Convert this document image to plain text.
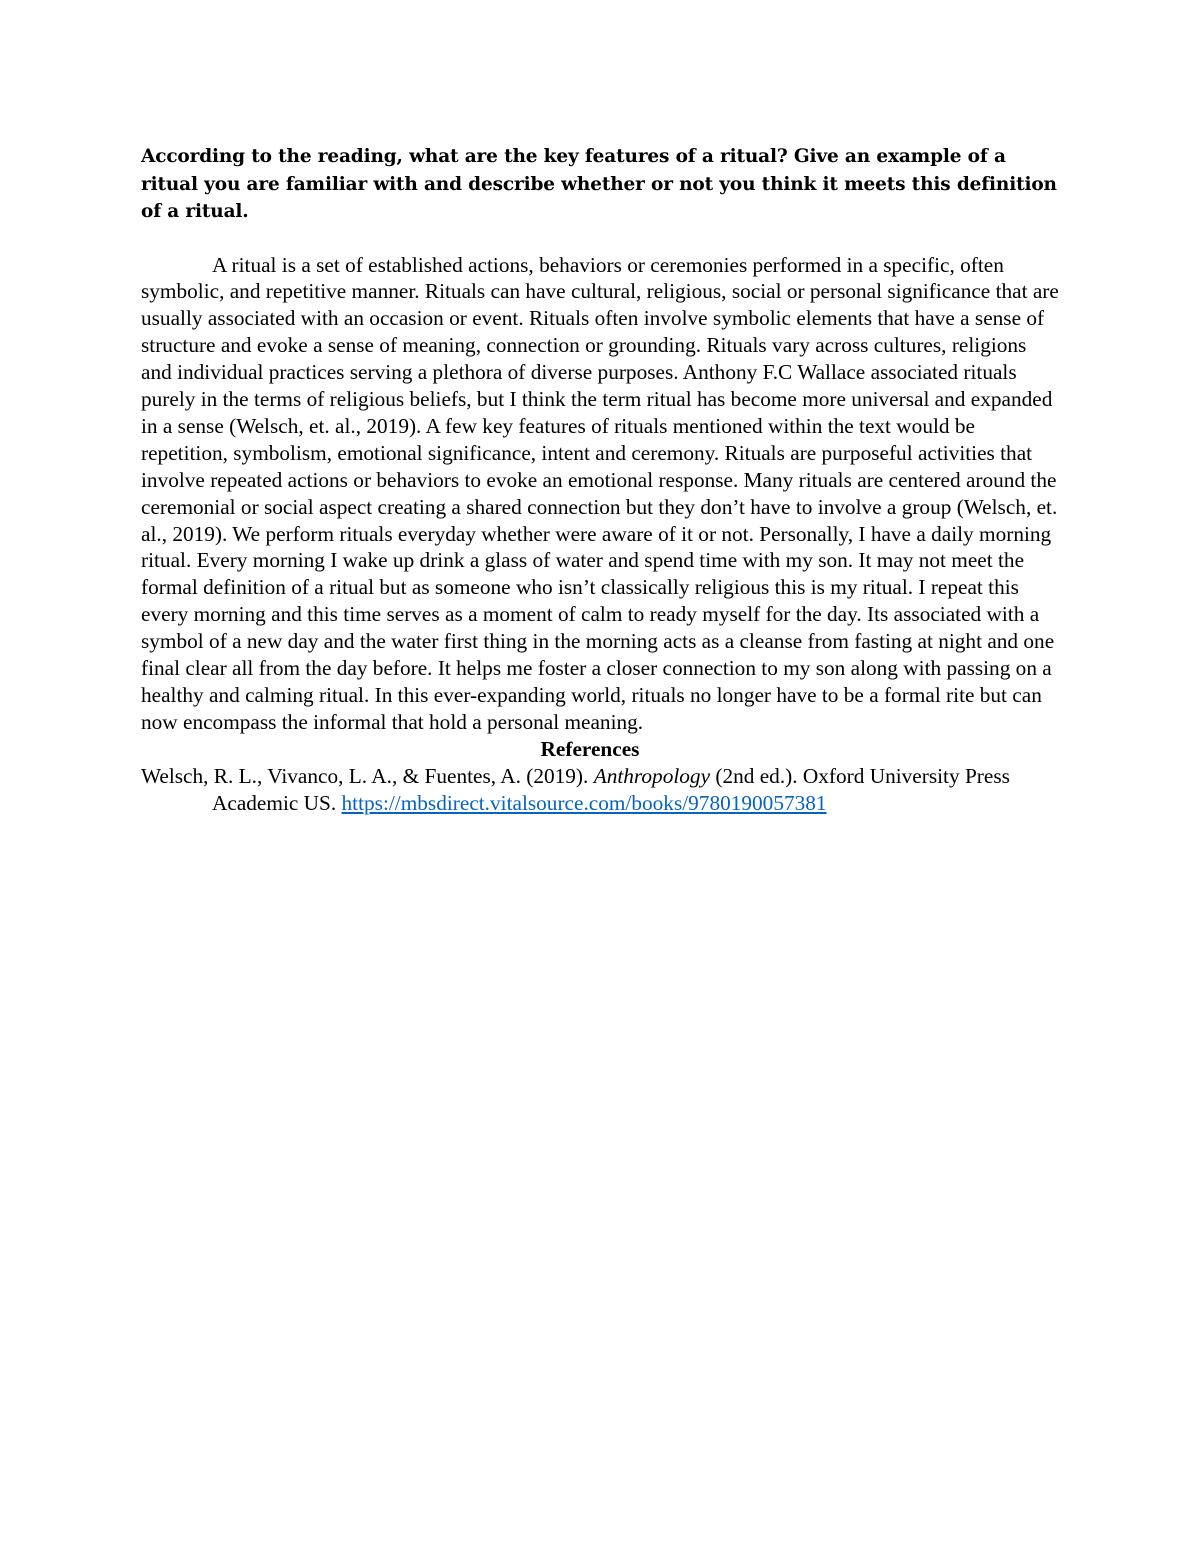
According to the reading, what are the key features of a ritual? Give an example of a ritual you are familiar with and describe whether or not you think it meets this definition of a ritual.

A ritual is a set of established actions, behaviors or ceremonies performed in a specific, often symbolic, and repetitive manner. Rituals can have cultural, religious, social or personal significance that are usually associated with an occasion or event. Rituals often involve symbolic elements that have a sense of structure and evoke a sense of meaning, connection or grounding. Rituals vary across cultures, religions and individual practices serving a plethora of diverse purposes. Anthony F.C Wallace associated rituals purely in the terms of religious beliefs, but I think the term ritual has become more universal and expanded in a sense (Welsch, et. al., 2019). A few key features of rituals mentioned within the text would be repetition, symbolism, emotional significance, intent and ceremony. Rituals are purposeful activities that involve repeated actions or behaviors to evoke an emotional response. Many rituals are centered around the ceremonial or social aspect creating a shared connection but they don’t have to involve a group (Welsch, et. al., 2019). We perform rituals everyday whether were aware of it or not. Personally, I have a daily morning ritual. Every morning I wake up drink a glass of water and spend time with my son. It may not meet the formal definition of a ritual but as someone who isn’t classically religious this is my ritual. I repeat this every morning and this time serves as a moment of calm to ready myself for the day. Its associated with a symbol of a new day and the water first thing in the morning acts as a cleanse from fasting at night and one final clear all from the day before. It helps me foster a closer connection to my son along with passing on a healthy and calming ritual. In this ever-expanding world, rituals no longer have to be a formal rite but can now encompass the informal that hold a personal meaning.

References

Welsch, R. L., Vivanco, L. A., & Fuentes, A. (2019). Anthropology (2nd ed.). Oxford University Press Academic US. https://mbsdirect.vitalsource.com/books/9780190057381
